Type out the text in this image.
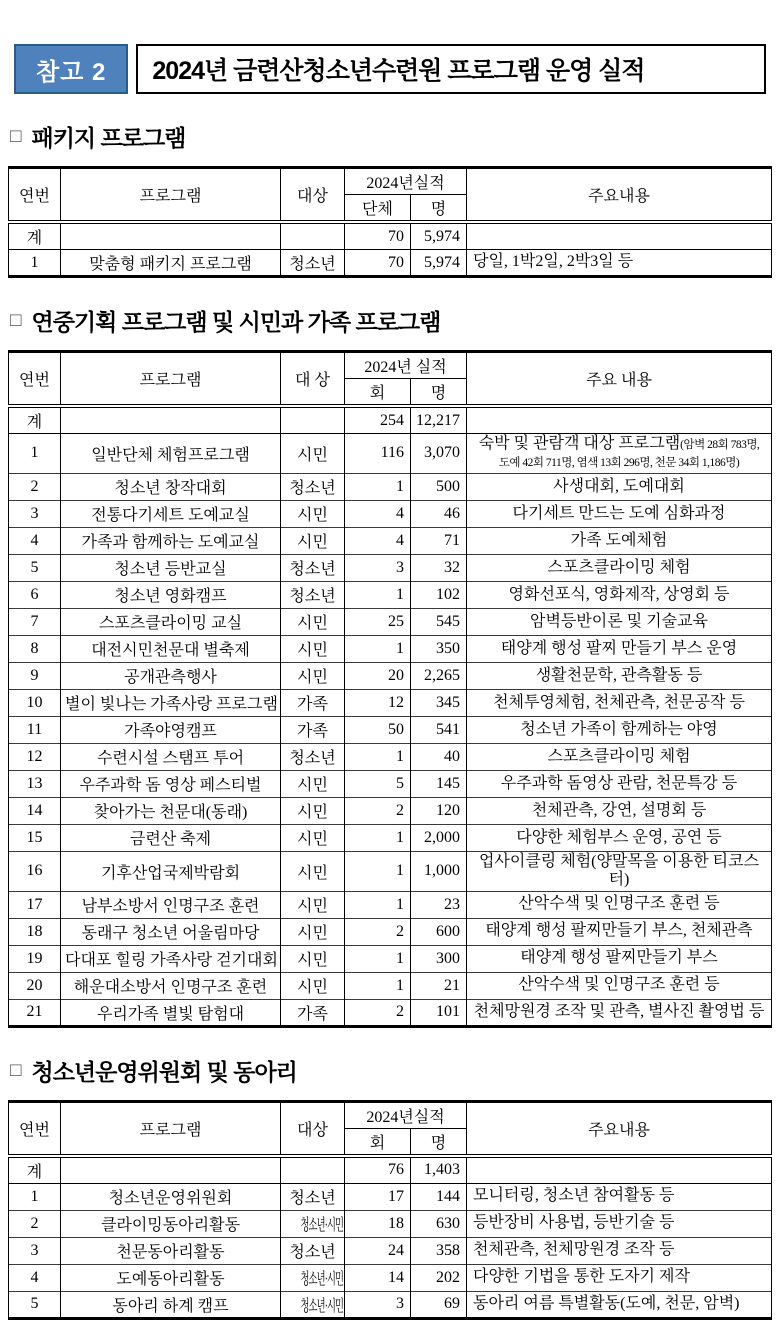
참고 2	2024년 금련산청소년수련원 프로그램 운영 실적
□ 패키지 프로그램
연번	프로그램	대상	2024년실적		주요내용
			단체	명	
계			70	5,974	
1	맞춤형 패키지 프로그램	청소년	70	5,974	당일, 1박2일, 2박3일 등
□ 연중기획 프로그램 및 시민과 가족 프로그램
연번	프로그램	대 상	2024년 실적		주요 내용
			회	명	
계			254	12,217	
1	일반단체 체험프로그램	시민	116	3,070	숙박 및 관람객 대상 프로그램(암벽 28회 783명, 도예 42회 711명, 염색 13회 296명, 천문 34회 1,186명)
2	청소년 창작대회	청소년	1	500	사생대회, 도예대회
3	전통다기세트 도예교실	시민	4	46	다기세트 만드는 도예 심화과정
4	가족과 함께하는 도예교실	시민	4	71	가족 도예체험
5	청소년 등반교실	청소년	3	32	스포츠클라이밍 체험
6	청소년 영화캠프	청소년	1	102	영화선포식, 영화제작, 상영회 등
7	스포츠클라이밍 교실	시민	25	545	암벽등반이론 및 기술교육
8	대전시민천문대 별축제	시민	1	350	태양계 행성 팔찌 만들기 부스 운영
9	공개관측행사	시민	20	2,265	생활천문학, 관측활동 등
10	별이 빛나는 가족사랑 프로그램	가족	12	345	천체투영체험, 천체관측, 천문공작 등
11	가족야영캠프	가족	50	541	청소년 가족이 함께하는 야영
12	수련시설 스탬프 투어	청소년	1	40	스포츠클라이밍 체험
13	우주과학 돔 영상 페스티벌	시민	5	145	우주과학 돔영상 관람, 천문특강 등
14	찾아가는 천문대(동래)	시민	2	120	천체관측, 강연, 설명회 등
15	금련산 축제	시민	1	2,000	다양한 체험부스 운영, 공연 등
16	기후산업국제박람회	시민	1	1,000	업사이클링 체험(양말목을 이용한 티코스터)
17	남부소방서 인명구조 훈련	시민	1	23	산악수색 및 인명구조 훈련 등
18	동래구 청소년 어울림마당	시민	2	600	태양계 행성 팔찌만들기 부스, 천체관측
19	다대포 힐링 가족사랑 걷기대회	시민	1	300	태양계 행성 팔찌만들기 부스
20	해운대소방서 인명구조 훈련	시민	1	21	산악수색 및 인명구조 훈련 등
21	우리가족 별빛 탐험대	가족	2	101	천체망원경 조작 및 관측, 별사진 촬영법 등
□ 청소년운영위원회 및 동아리
연번	프로그램	대상	2024년실적		주요내용
			회	명	
계			76	1,403	
1	청소년운영위원회	청소년	17	144	모니터링, 청소년 참여활동 등
2	클라이밍동아리활동	청소년·시민	18	630	등반장비 사용법, 등반기술 등
3	천문동아리활동	청소년	24	358	천체관측, 천체망원경 조작 등
4	도예동아리활동	청소년·시민	14	202	다양한 기법을 통한 도자기 제작
5	동아리 하계 캠프	청소년·시민	3	69	동아리 여름 특별활동(도예, 천문, 암벽)
